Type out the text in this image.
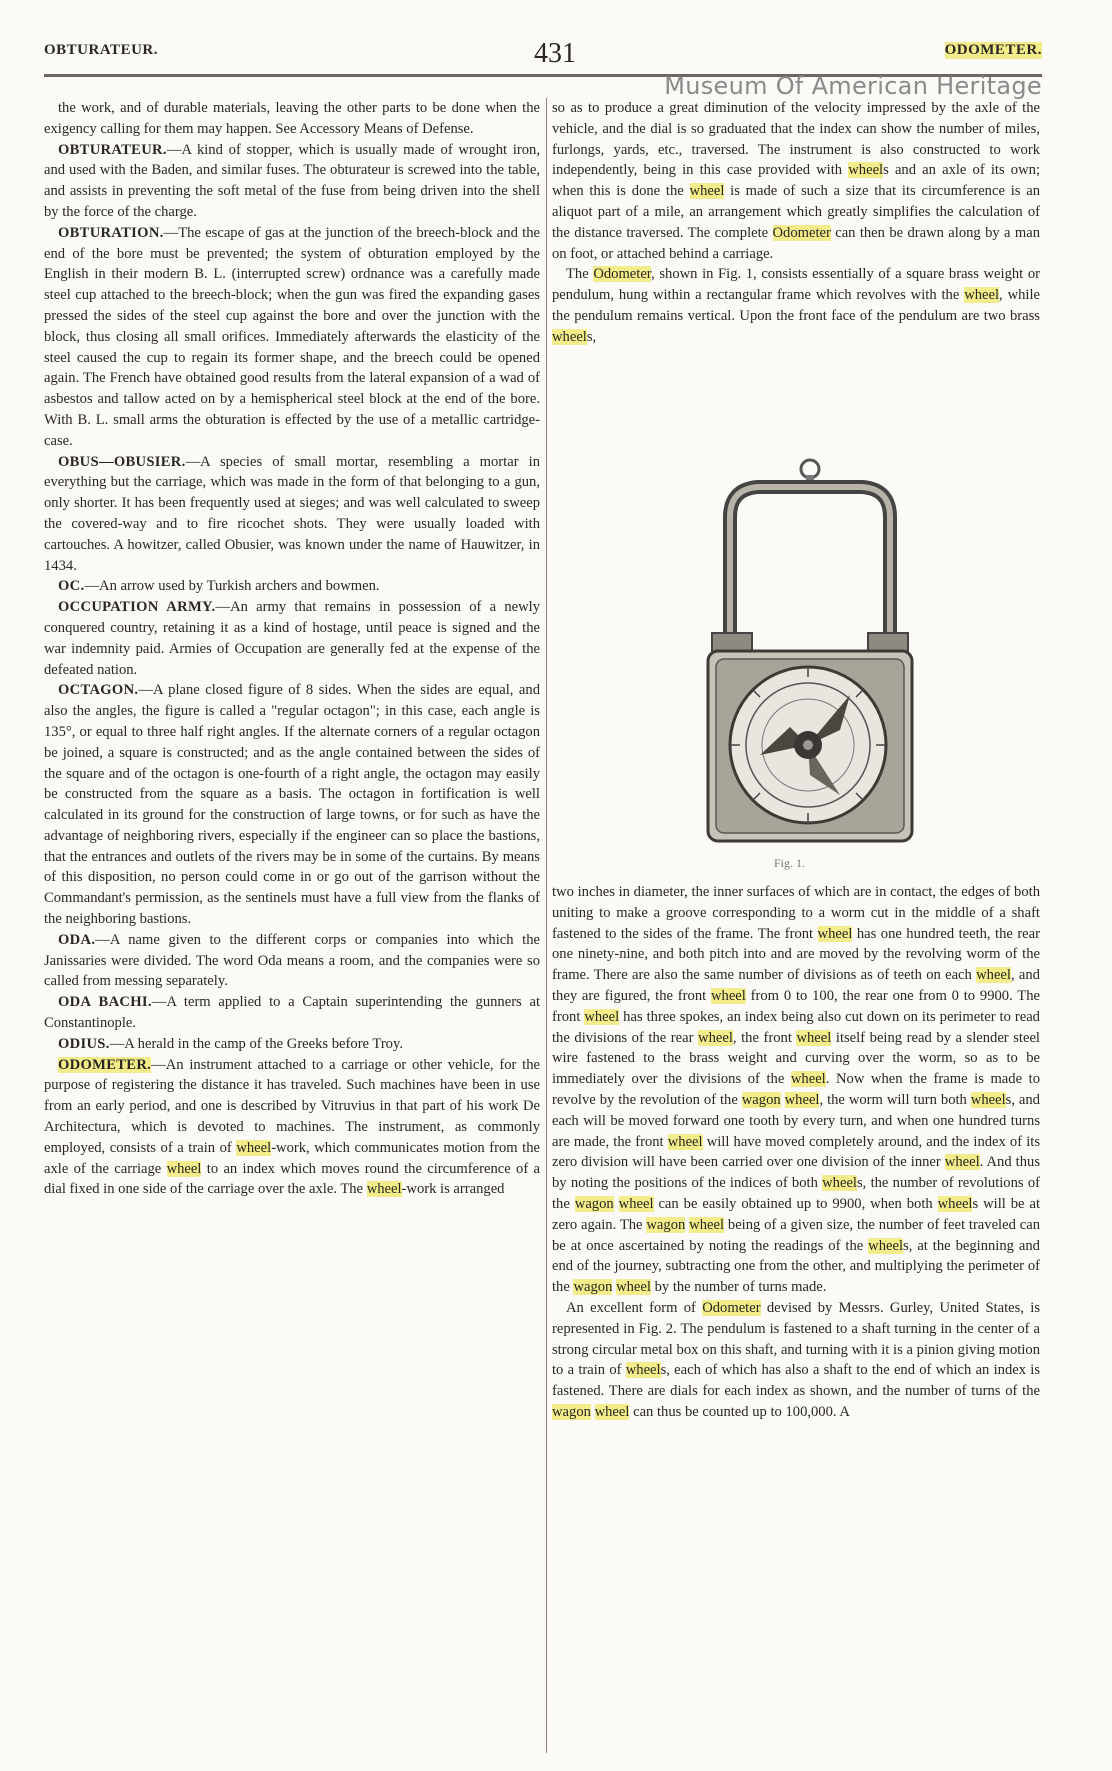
OBTURATEUR.	431	ODOMETER.
Museum Of American Heritage

the work, and of durable materials, leaving the other parts to be done when the exigency calling for them may happen. See Accessory Means of Defense.

OBTURATEUR.—A kind of stopper, which is usually made of wrought iron, and used with the Baden, and similar fuses. The obturateur is screwed into the table, and assists in preventing the soft metal of the fuse from being driven into the shell by the force of the charge.

OBTURATION.—The escape of gas at the junction of the breech-block and the end of the bore must be prevented; the system of obturation employed by the English in their modern B. L. (interrupted screw) ordnance was a carefully made steel cup attached to the breech-block; when the gun was fired the expanding gases pressed the sides of the steel cup against the bore and over the junction with the block, thus closing all small orifices. Immediately afterwards the elasticity of the steel caused the cup to regain its former shape, and the breech could be opened again. The French have obtained good results from the lateral expansion of a wad of asbestos and tallow acted on by a hemispherical steel block at the end of the bore. With B. L. small arms the obturation is effected by the use of a metallic cartridge-case.

OBUS—OBUSIER.—A species of small mortar, resembling a mortar in everything but the carriage, which was made in the form of that belonging to a gun, only shorter. It has been frequently used at sieges; and was well calculated to sweep the covered-way and to fire ricochet shots. They were usually loaded with cartouches. A howitzer, called Obusier, was known under the name of Hauwitzer, in 1434.

OC.—An arrow used by Turkish archers and bowmen.

OCCUPATION ARMY.—An army that remains in possession of a newly conquered country, retaining it as a kind of hostage, until peace is signed and the war indemnity paid. Armies of Occupation are generally fed at the expense of the defeated nation.

OCTAGON.—A plane closed figure of 8 sides. When the sides are equal, and also the angles, the figure is called a "regular octagon"; in this case, each angle is 135°, or equal to three half right angles. If the alternate corners of a regular octagon be joined, a square is constructed; and as the angle contained between the sides of the square and of the octagon is one-fourth of a right angle, the octagon may easily be constructed from the square as a basis. The octagon in fortification is well calculated in its ground for the construction of large towns, or for such as have the advantage of neighboring rivers, especially if the engineer can so place the bastions, that the entrances and outlets of the rivers may be in some of the curtains. By means of this disposition, no person could come in or go out of the garrison without the Commandant's permission, as the sentinels must have a full view from the flanks of the neighboring bastions.

ODA.—A name given to the different corps or companies into which the Janissaries were divided. The word Oda means a room, and the companies were so called from messing separately.

ODA BACHI.—A term applied to a Captain superintending the gunners at Constantinople.

ODIUS.—A herald in the camp of the Greeks before Troy.

ODOMETER.—An instrument attached to a carriage or other vehicle, for the purpose of registering the distance it has traveled. Such machines have been in use from an early period, and one is described by Vitruvius in that part of his work De Architectura, which is devoted to machines. The instrument, as commonly employed, consists of a train of wheel-work, which communicates motion from the axle of the carriage wheel to an index which moves round the circumference of a dial fixed in one side of the carriage over the axle. The wheel-work is arranged

so as to produce a great diminution of the velocity impressed by the axle of the vehicle, and the dial is so graduated that the index can show the number of miles, furlongs, yards, etc., traversed. The instrument is also constructed to work independently, being in this case provided with wheels and an axle of its own; when this is done the wheel is made of such a size that its circumference is an aliquot part of a mile, an arrangement which greatly simplifies the calculation of the distance traversed. The complete Odometer can then be drawn along by a man on foot, or attached behind a carriage.

The Odometer, shown in Fig. 1, consists essentially of a square brass weight or pendulum, hung within a rectangular frame which revolves with the wheel, while the pendulum remains vertical. Upon the front face of the pendulum are two brass wheels,

Fig. 1.

two inches in diameter, the inner surfaces of which are in contact, the edges of both uniting to make a groove corresponding to a worm cut in the middle of a shaft fastened to the sides of the frame. The front wheel has one hundred teeth, the rear one ninety-nine, and both pitch into and are moved by the revolving worm of the frame. There are also the same number of divisions as of teeth on each wheel, and they are figured, the front wheel from 0 to 100, the rear one from 0 to 9900. The front wheel has three spokes, an index being also cut down on its perimeter to read the divisions of the rear wheel, the front wheel itself being read by a slender steel wire fastened to the brass weight and curving over the worm, so as to be immediately over the divisions of the wheel. Now when the frame is made to revolve by the revolution of the wagon wheel, the worm will turn both wheels, and each will be moved forward one tooth by every turn, and when one hundred turns are made, the front wheel will have moved completely around, and the index of its zero division will have been carried over one division of the inner wheel. And thus by noting the positions of the indices of both wheels, the number of revolutions of the wagon wheel can be easily obtained up to 9900, when both wheels will be at zero again. The wagon wheel being of a given size, the number of feet traveled can be at once ascertained by noting the readings of the wheels, at the beginning and end of the journey, subtracting one from the other, and multiplying the perimeter of the wagon wheel by the number of turns made.

An excellent form of Odometer devised by Messrs. Gurley, United States, is represented in Fig. 2. The pendulum is fastened to a shaft turning in the center of a strong circular metal box on this shaft, and turning with it is a pinion giving motion to a train of wheels, each of which has also a shaft to the end of which an index is fastened. There are dials for each index as shown, and the number of turns of the wagon wheel can thus be counted up to 100,000. A
